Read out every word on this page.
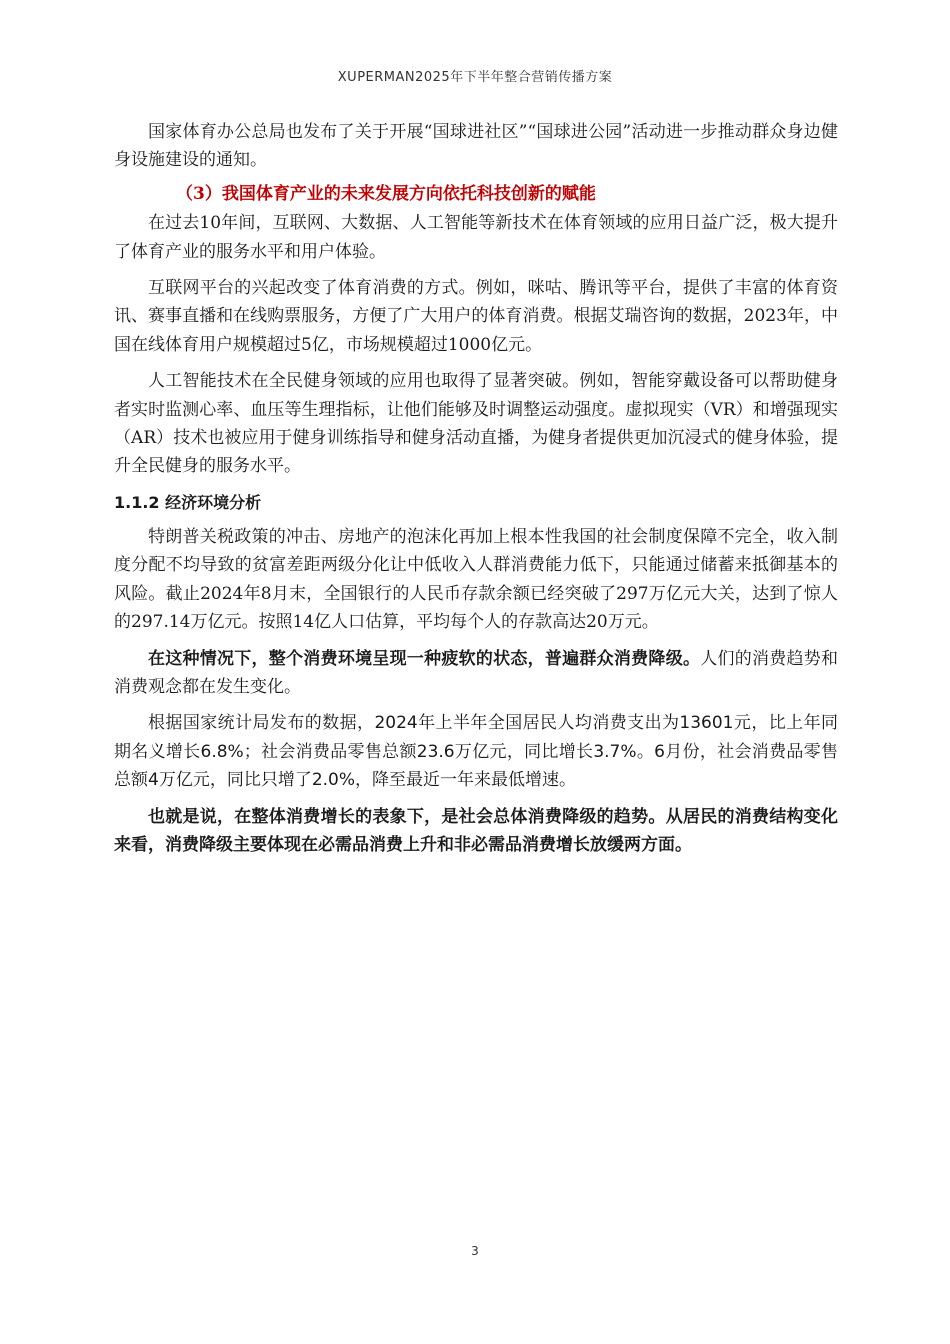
XUPERMAN2025年下半年整合营销传播方案

国家体育办公总局也发布了关于开展“国球进社区”“国球进公园”活动进一步推动群众身边健身设施建设的通知。

（3）我国体育产业的未来发展方向依托科技创新的赋能

在过去10年间，互联网、大数据、人工智能等新技术在体育领域的应用日益广泛，极大提升了体育产业的服务水平和用户体验。

互联网平台的兴起改变了体育消费的方式。例如，咪咕、腾讯等平台，提供了丰富的体育资讯、赛事直播和在线购票服务，方便了广大用户的体育消费。根据艾瑞咨询的数据，2023年，中国在线体育用户规模超过5亿，市场规模超过1000亿元。

人工智能技术在全民健身领域的应用也取得了显著突破。例如，智能穿戴设备可以帮助健身者实时监测心率、血压等生理指标，让他们能够及时调整运动强度。虚拟现实（VR）和增强现实（AR）技术也被应用于健身训练指导和健身活动直播，为健身者提供更加沉浸式的健身体验，提升全民健身的服务水平。

1.1.2 经济环境分析

特朗普关税政策的冲击、房地产的泡沫化再加上根本性我国的社会制度保障不完全，收入制度分配不均导致的贫富差距两级分化让中低收入人群消费能力低下，只能通过储蓄来抵御基本的风险。截止2024年8月末，全国银行的人民币存款余额已经突破了297万亿元大关，达到了惊人的297.14万亿元。按照14亿人口估算，平均每个人的存款高达20万元。

在这种情况下，整个消费环境呈现一种疲软的状态，普遍群众消费降级。人们的消费趋势和消费观念都在发生变化。

根据国家统计局发布的数据，2024年上半年全国居民人均消费支出为13601元，比上年同期名义增长6.8%；社会消费品零售总额23.6万亿元，同比增长3.7%。6月份，社会消费品零售总额4万亿元，同比只增了2.0%，降至最近一年来最低增速。

也就是说，在整体消费增长的表象下，是社会总体消费降级的趋势。从居民的消费结构变化来看，消费降级主要体现在必需品消费上升和非必需品消费增长放缓两方面。

3
